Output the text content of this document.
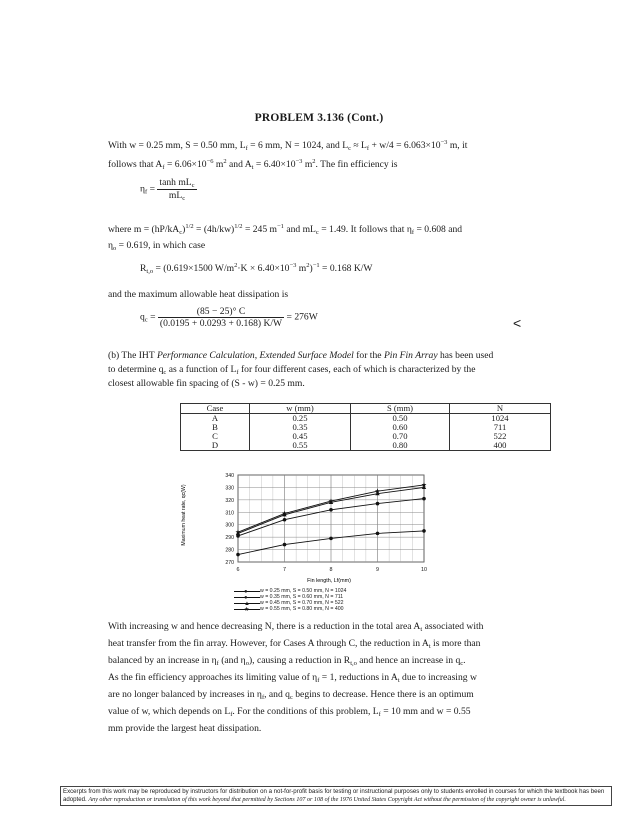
PROBLEM 3.136 (Cont.)
With w = 0.25 mm, S = 0.50 mm, $L_f = 6$ mm, N = 1024, and $L_c \approx L_f + w/4 = 6.063\times 10^{-3}$ m, it
follows that $A_f = 6.06\times 10^{-6}$ $m^2$ and $A_t = 6.40\times 10^{-3}$ $m^2$. The fin efficiency is
$\eta_f = \frac{\tanh mL_c}{mL_c}$
where $m = (hP/kA_c)^{1/2} = (4h/kw)^{1/2} = 245$ $m^{-1}$ and $mL_c = 1.49$. It follows that $\eta_f = 0.608$ and
$\eta_o = 0.619$, in which case
$R_{t,o} = (0.619\times 1500$ $W/m^2\cdot K \times 6.40\times 10^{-3}$ $m^2)^{-1} = 0.168$ K/W
and the maximum allowable heat dissipation is
$q_c = \frac{(85 - 25)^\circ C}{(0.0195 + 0.0293 + 0.168) K/W} = 276W$	<
(b) The IHT Performance Calculation, Extended Surface Model for the Pin Fin Array has been used
to determine $q_c$ as a function of $L_f$ for four different cases, each of which is characterized by the
closest allowable fin spacing of (S - w) = 0.25 mm.
Case	w (mm)	S (mm)	N
A	0.25	0.50	1024
B	0.35	0.60	711
C	0.45	0.70	522
D	0.55	0.80	400
Maximum heat rate, qc(W)
Fin length, Lf(mm)
270
280
290
300
310
320
330
340
6	7	8	9	10
● w = 0.25 mm, S = 0.50 mm, N = 1024
● w = 0.35 mm, S = 0.60 mm, N = 711
▲ w = 0.45 mm, S = 0.70 mm, N = 522
★ w = 0.55 mm, S = 0.80 mm, N = 400
With increasing w and hence decreasing N, there is a reduction in the total area $A_t$ associated with
heat transfer from the fin array. However, for Cases A through C, the reduction in $A_t$ is more than
balanced by an increase in $\eta_f$ (and $\eta_o$), causing a reduction in $R_{t,o}$ and hence an increase in $q_c$.
As the fin efficiency approaches its limiting value of $\eta_f = 1$, reductions in $A_t$ due to increasing w
are no longer balanced by increases in $\eta_f$, and $q_c$ begins to decrease. Hence there is an optimum
value of w, which depends on $L_f$. For the conditions of this problem, $L_f = 10$ mm and w = 0.55
mm provide the largest heat dissipation.
Excerpts from this work may be reproduced by instructors for distribution on a not-for-profit basis for testing or instructional purposes only to students enrolled in courses for which the textbook has been adopted. Any other reproduction or translation of this work beyond that permitted by Sections 107 or 108 of the 1976 United States Copyright Act without the permission of the copyright owner is unlawful.
